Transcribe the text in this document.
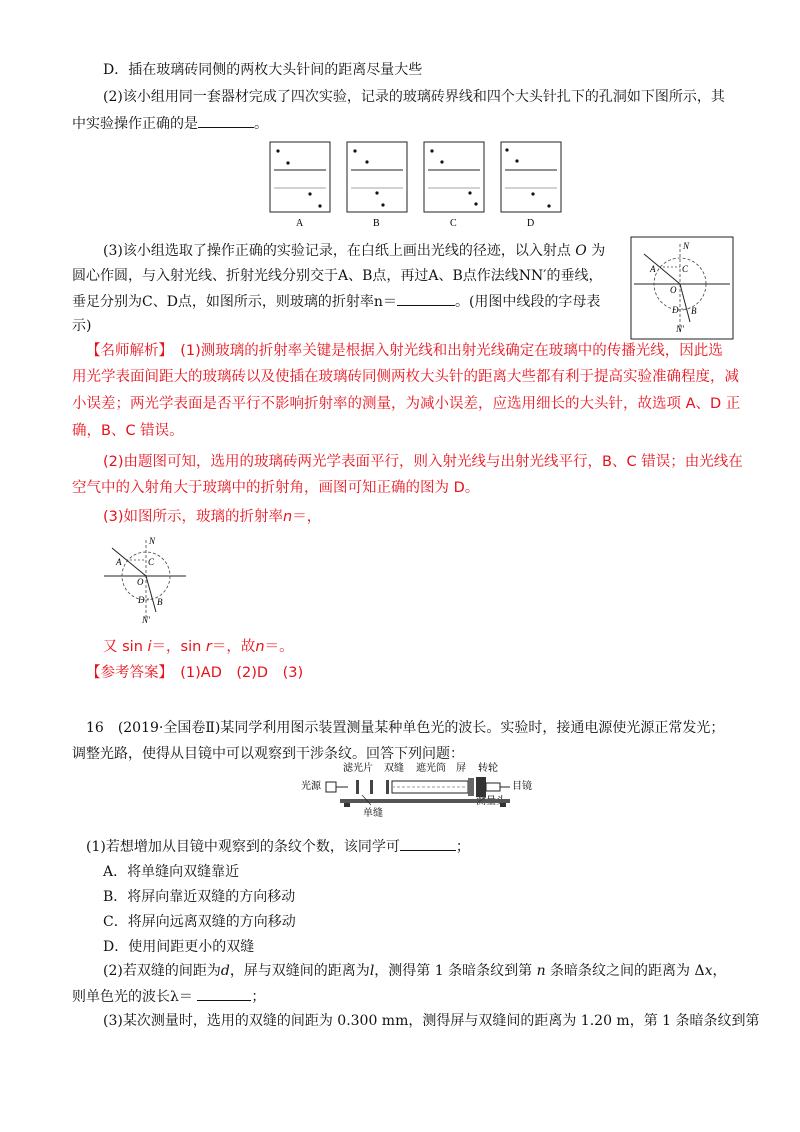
D．插在玻璃砖同侧的两枚大头针间的距离尽量大些
(2)该小组用同一套器材完成了四次实验，记录的玻璃砖界线和四个大头针扎下的孔洞如下图所示，其
中实验操作正确的是	。
A	B	C	D
(3)该小组选取了操作正确的实验记录，在白纸上画出光线的径迹，以入射点 O 为
圆心作圆，与入射光线、折射光线分别交于A、B点，再过A、B点作法线NN′的垂线，
垂足分别为C、D点，如图所示，则玻璃的折射率n＝	。(用图中线段的字母表
示)
N
A	C
O
D B
N′
【名师解析】　 (1)测玻璃的折射率关键是根据入射光线和出射光线确定在玻璃中的传播光线，因此选
用光学表面间距大的玻璃砖以及使插在玻璃砖同侧两枚大头针的距离大些都有利于提高实验准确程度，减
小误差；两光学表面是否平行不影响折射率的测量，为减小误差，应选用细长的大头针，故选项 A、D 正
确，B、C 错误。
(2)由题图可知，选用的玻璃砖两光学表面平行，则入射光线与出射光线平行，B、C 错误；由光线在
空气中的入射角大于玻璃中的折射角，画图可知正确的图为 D。
(3)如图所示，玻璃的折射率n＝，
N
A	C
O
D B
N′
又 sin i＝，sin r＝，故n＝。
【参考答案】　 (1)AD　(2)D　(3)
16　(2019·全国卷Ⅱ)某同学利用图示装置测量某种单色光的波长。实验时，接通电源使光源正常发光；
调整光路，使得从目镜中可以观察到干涉条纹。回答下列问题：
光源
滤光片 双缝 遮光筒 屏 转轮
目镜
单缝
(1)若想增加从目镜中观察到的条纹个数，该同学可	；
A．将单缝向双缝靠近
B．将屏向靠近双缝的方向移动
C．将屏向远离双缝的方向移动
D．使用间距更小的双缝
(2)若双缝的间距为d，屏与双缝间的距离为l，测得第 1 条暗条纹到第 n 条暗条纹之间的距离为 Δx，
则单色光的波长λ＝	；
(3)某次测量时，选用的双缝的间距为 0.300 mm，测得屏与双缝间的距离为 1.20 m，第 1 条暗条纹到第
